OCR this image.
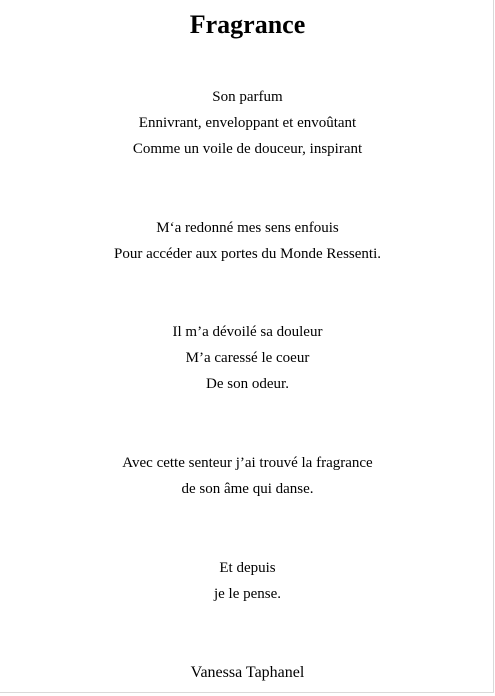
Fragrance

Son parfum
Ennivrant, enveloppant et envoûtant
Comme un voile de douceur, inspirant

M‘a redonné mes sens enfouis
Pour accéder aux portes du Monde Ressenti.

Il m’a dévoilé sa douleur
M’a caressé le coeur
De son odeur.

Avec cette senteur j’ai trouvé la fragrance
de son âme qui danse.

Et depuis
je le pense.

Vanessa Taphanel
